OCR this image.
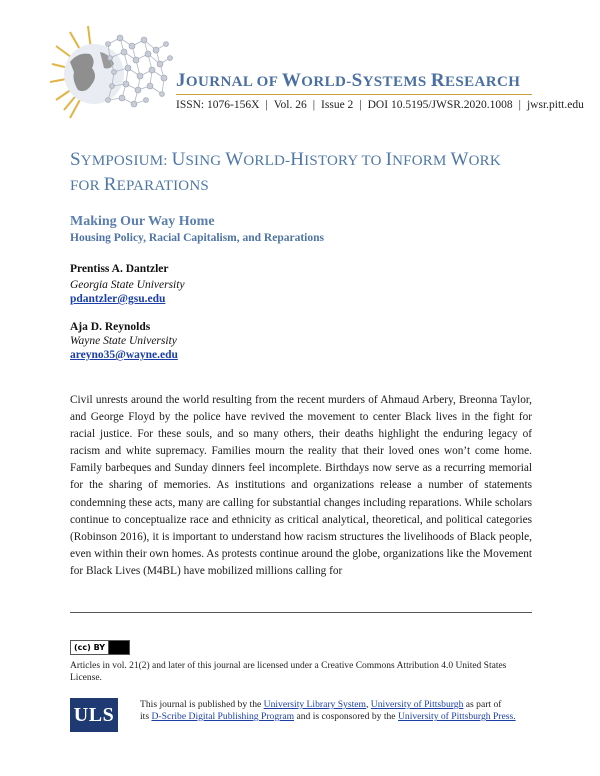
JOURNAL OF WORLD-SYSTEMS RESEARCH
ISSN: 1076-156X | Vol. 26 | Issue 2 | DOI 10.5195/JWSR.2020.1008 | jwsr.pitt.edu
SYMPOSIUM: USING WORLD-HISTORY TO INFORM WORK
FOR REPARATIONS
Making Our Way Home
Housing Policy, Racial Capitalism, and Reparations
Prentiss A. Dantzler
Georgia State University
pdantzler@gsu.edu
Aja D. Reynolds
Wayne State University
areyno35@wayne.edu
Civil unrests around the world resulting from the recent murders of Ahmaud Arbery, Breonna Taylor, and George Floyd by the police have revived the movement to center Black lives in the fight for racial justice. For these souls, and so many others, their deaths highlight the enduring legacy of racism and white supremacy. Families mourn the reality that their loved ones won’t come home. Family barbeques and Sunday dinners feel incomplete. Birthdays now serve as a recurring memorial for the sharing of memories. As institutions and organizations release a number of statements condemning these acts, many are calling for substantial changes including reparations. While scholars continue to conceptualize race and ethnicity as critical analytical, theoretical, and political categories (Robinson 2016), it is important to understand how racism structures the livelihoods of Black people, even within their own homes. As protests continue around the globe, organizations like the Movement for Black Lives (M4BL) have mobilized millions calling for
(cc) BY
Articles in vol. 21(2) and later of this journal are licensed under a Creative Commons Attribution 4.0 United States License.
ULS	This journal is published by the University Library System, University of Pittsburgh as part of
its D-Scribe Digital Publishing Program and is cosponsored by the University of Pittsburgh Press.
